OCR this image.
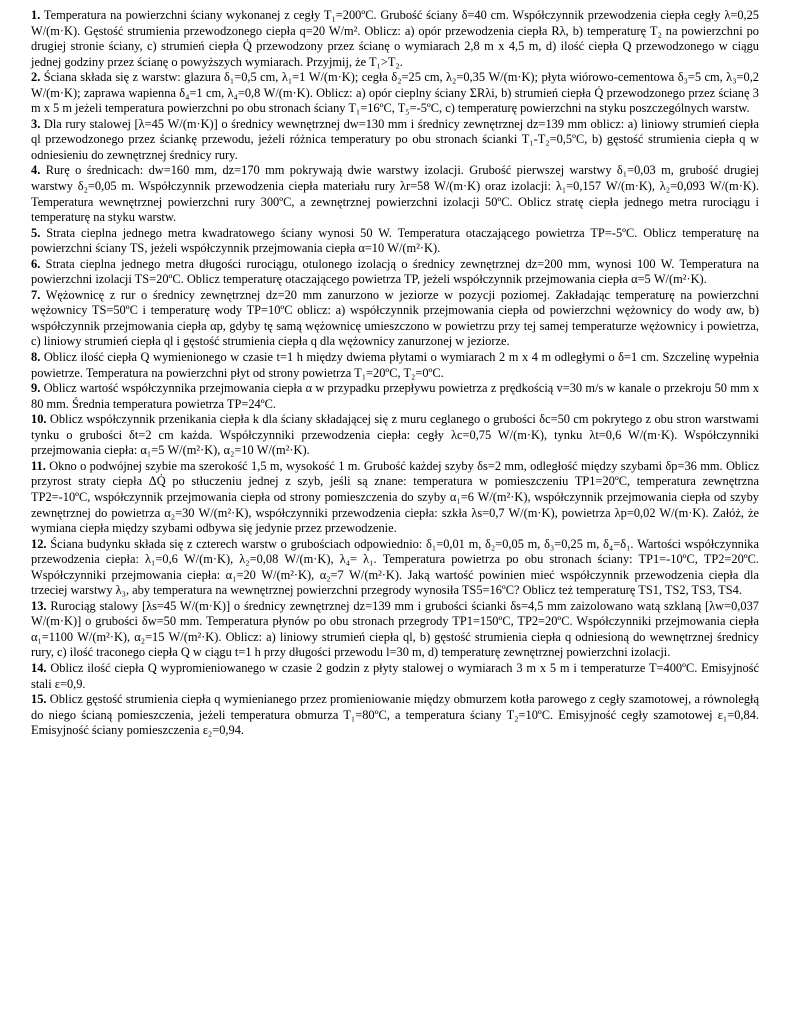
1. Temperatura na powierzchni ściany wykonanej z cegły T₁=200ºC. Grubość ściany δ=40 cm. Współczynnik przewodzenia ciepła cegły λ=0,25 W/(m·K). Gęstość strumienia przewodzonego ciepła q=20 W/m². Oblicz: a) opór przewodzenia ciepła Rλ, b) temperaturę T₂ na powierzchni po drugiej stronie ściany, c) strumień ciepła Q̇ przewodzony przez ścianę o wymiarach 2,8 m x 4,5 m, d) ilość ciepła Q przewodzonego w ciągu jednej godziny przez ścianę o powyższych wymiarach. Przyjmij, że T₁>T₂.

2. Ściana składa się z warstw: glazura δ₁=0,5 cm, λ₁=1 W/(m·K); cegła δ₂=25 cm, λ₂=0,35 W/(m·K); płyta wiórowo-cementowa δ₃=5 cm, λ₃=0,2 W/(m·K); zaprawa wapienna δ₄=1 cm, λ₄=0,8 W/(m·K). Oblicz: a) opór cieplny ściany ΣRλi, b) strumień ciepła Q̇ przewodzonego przez ścianę 3 m x 5 m jeżeli temperatura powierzchni po obu stronach ściany T₁=16ºC, T₅=-5ºC, c) temperaturę powierzchni na styku poszczególnych warstw.

3. Dla rury stalowej [λ=45 W/(m·K)] o średnicy wewnętrznej dw=130 mm i średnicy zewnętrznej dz=139 mm oblicz: a) liniowy strumień ciepła ql przewodzonego przez ściankę przewodu, jeżeli różnica temperatury po obu stronach ścianki T₁-T₂=0,5ºC, b) gęstość strumienia ciepła q w odniesieniu do zewnętrznej średnicy rury.

4. Rurę o średnicach: dw=160 mm, dz=170 mm pokrywają dwie warstwy izolacji. Grubość pierwszej warstwy δ₁=0,03 m, grubość drugiej warstwy δ₂=0,05 m. Współczynnik przewodzenia ciepła materiału rury λr=58 W/(m·K) oraz izolacji: λ₁=0,157 W/(m·K), λ₂=0,093 W/(m·K). Temperatura wewnętrznej powierzchni rury 300ºC, a zewnętrznej powierzchni izolacji 50ºC. Oblicz stratę ciepła jednego metra rurociągu i temperaturę na styku warstw.

5. Strata cieplna jednego metra kwadratowego ściany wynosi 50 W. Temperatura otaczającego powietrza TP=-5ºC. Oblicz temperaturę na powierzchni ściany TS, jeżeli współczynnik przejmowania ciepła α=10 W/(m²·K).

6. Strata cieplna jednego metra długości rurociągu, otulonego izolacją o średnicy zewnętrznej dz=200 mm, wynosi 100 W. Temperatura na powierzchni izolacji TS=20ºC. Oblicz temperaturę otaczającego powietrza TP, jeżeli współczynnik przejmowania ciepła α=5 W/(m²·K).

7. Wężownicę z rur o średnicy zewnętrznej dz=20 mm zanurzono w jeziorze w pozycji poziomej. Zakładając temperaturę na powierzchni wężownicy TS=50ºC i temperaturę wody TP=10ºC oblicz: a) współczynnik przejmowania ciepła od powierzchni wężownicy do wody αw, b) współczynnik przejmowania ciepła αp, gdyby tę samą wężownicę umieszczono w powietrzu przy tej samej temperaturze wężownicy i powietrza, c) liniowy strumień ciepła ql i gęstość strumienia ciepła q dla wężownicy zanurzonej w jeziorze.

8. Oblicz ilość ciepła Q wymienionego w czasie t=1 h między dwiema płytami o wymiarach 2 m x 4 m odległymi o δ=1 cm. Szczelinę wypełnia powietrze. Temperatura na powierzchni płyt od strony powietrza T₁=20ºC, T₂=0ºC.

9. Oblicz wartość współczynnika przejmowania ciepła α w przypadku przepływu powietrza z prędkością v=30 m/s w kanale o przekroju 50 mm x 80 mm. Średnia temperatura powietrza TP=24ºC.

10. Oblicz współczynnik przenikania ciepła k dla ściany składającej się z muru ceglanego o grubości δc=50 cm pokrytego z obu stron warstwami tynku o grubości δt=2 cm każda. Współczynniki przewodzenia ciepła: cegły λc=0,75 W/(m·K), tynku λt=0,6 W/(m·K). Współczynniki przejmowania ciepła: α₁=5 W/(m²·K), α₂=10 W/(m²·K).

11. Okno o podwójnej szybie ma szerokość 1,5 m, wysokość 1 m. Grubość każdej szyby δs=2 mm, odległość między szybami δp=36 mm. Oblicz przyrost straty ciepła ΔQ̇ po stłuczeniu jednej z szyb, jeśli są znane: temperatura w pomieszczeniu TP1=20ºC, temperatura zewnętrzna TP2=-10ºC, współczynnik przejmowania ciepła od strony pomieszczenia do szyby α₁=6 W/(m²·K), współczynnik przejmowania ciepła od szyby zewnętrznej do powietrza α₂=30 W/(m²·K), współczynniki przewodzenia ciepła: szkła λs=0,7 W/(m·K), powietrza λp=0,02 W/(m·K). Załóż, że wymiana ciepła między szybami odbywa się jedynie przez przewodzenie.

12. Ściana budynku składa się z czterech warstw o grubościach odpowiednio: δ₁=0,01 m, δ₂=0,05 m, δ₃=0,25 m, δ₄=δ₁. Wartości współczynnika przewodzenia ciepła: λ₁=0,6 W/(m·K), λ₂=0,08 W/(m·K), λ₄= λ₁. Temperatura powietrza po obu stronach ściany: TP1=-10ºC, TP2=20ºC. Współczynniki przejmowania ciepła: α₁=20 W/(m²·K), α₂=7 W/(m²·K). Jaką wartość powinien mieć współczynnik przewodzenia ciepła dla trzeciej warstwy λ₃, aby temperatura na wewnętrznej powierzchni przegrody wynosiła TS5=16ºC? Oblicz też temperaturę TS1, TS2, TS3, TS4.

13. Rurociąg stalowy [λs=45 W/(m·K)] o średnicy zewnętrznej dz=139 mm i grubości ścianki δs=4,5 mm zaizolowano watą szklaną [λw=0,037 W/(m·K)] o grubości δw=50 mm. Temperatura płynów po obu stronach przegrody TP1=150ºC, TP2=20ºC. Współczynniki przejmowania ciepła α₁=1100 W/(m²·K), α₂=15 W/(m²·K). Oblicz: a) liniowy strumień ciepła ql, b) gęstość strumienia ciepła q odniesioną do wewnętrznej średnicy rury, c) ilość traconego ciepła Q w ciągu t=1 h przy długości przewodu l=30 m, d) temperaturę zewnętrznej powierzchni izolacji.

14. Oblicz ilość ciepła Q wypromieniowanego w czasie 2 godzin z płyty stalowej o wymiarach 3 m x 5 m i temperaturze T=400ºC. Emisyjność stali ε=0,9.

15. Oblicz gęstość strumienia ciepła q wymienianego przez promieniowanie między obmurzem kotła parowego z cegły szamotowej, a równoległą do niego ścianą pomieszczenia, jeżeli temperatura obmurza T₁=80ºC, a temperatura ściany T₂=10ºC. Emisyjność cegły szamotowej ε₁=0,84. Emisyjność ściany pomieszczenia ε₂=0,94.
